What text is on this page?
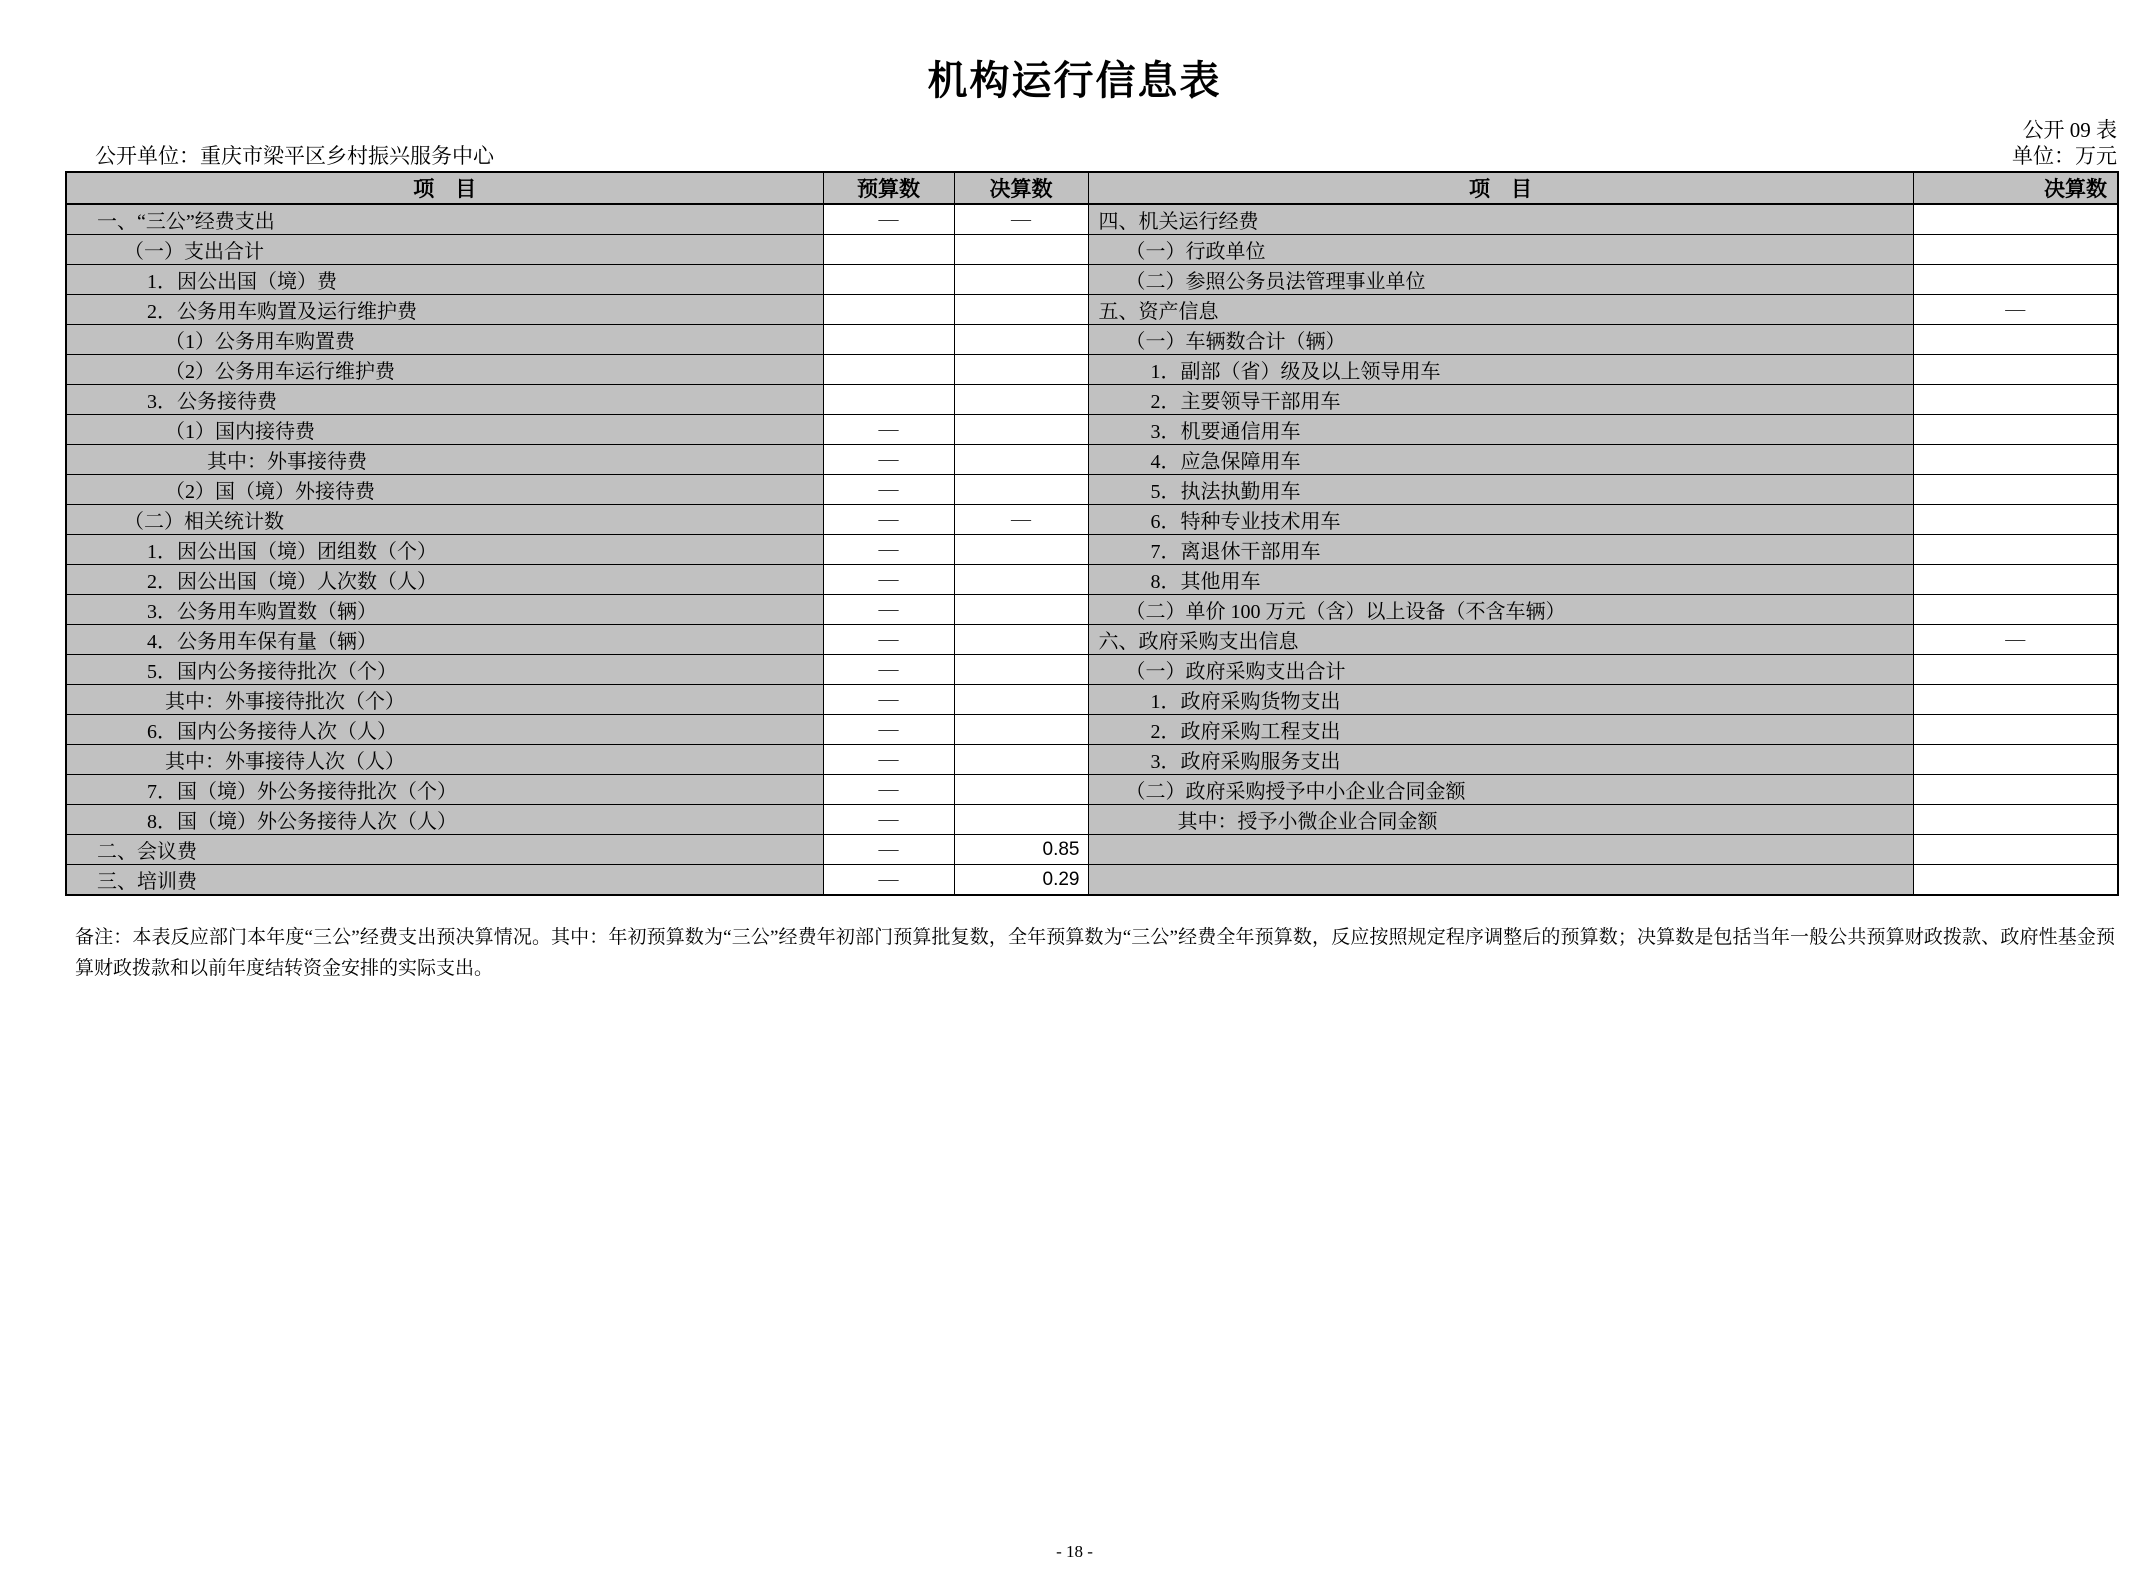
机构运行信息表
公开 09 表
公开单位：重庆市梁平区乡村振兴服务中心	单位：万元
项　目	预算数	决算数	项　目	决算数
一、“三公”经费支出	—	—	四、机关运行经费	
（一）支出合计			（一）行政单位	
1．因公出国（境）费			（二）参照公务员法管理事业单位	
2．公务用车购置及运行维护费			五、资产信息	—
（1）公务用车购置费			（一）车辆数合计（辆）	
（2）公务用车运行维护费			1．副部（省）级及以上领导用车	
3．公务接待费			2．主要领导干部用车	
（1）国内接待费	—		3．机要通信用车	
其中：外事接待费	—		4．应急保障用车	
（2）国（境）外接待费	—		5．执法执勤用车	
（二）相关统计数	—	—	6．特种专业技术用车	
1．因公出国（境）团组数（个）	—		7．离退休干部用车	
2．因公出国（境）人次数（人）	—		8．其他用车	
3．公务用车购置数（辆）	—		（二）单价 100 万元（含）以上设备（不含车辆）	
4．公务用车保有量（辆）	—		六、政府采购支出信息	—
5．国内公务接待批次（个）	—		（一）政府采购支出合计	
其中：外事接待批次（个）	—		1．政府采购货物支出	
6．国内公务接待人次（人）	—		2．政府采购工程支出	
其中：外事接待人次（人）	—		3．政府采购服务支出	
7．国（境）外公务接待批次（个）	—		（二）政府采购授予中小企业合同金额	
8．国（境）外公务接待人次（人）	—		其中：授予小微企业合同金额	
二、会议费	—	0.85		
三、培训费	—	0.29		
备注：本表反应部门本年度“三公”经费支出预决算情况。其中：年初预算数为“三公”经费年初部门预算批复数，全年预算数为“三公”经费全年预算数，反应按照规定程序调整后的预算数；决算数是包括当年一般公共预算财政拨款、政府性基金预算财政拨款和以前年度结转资金安排的实际支出。
- 18 -
